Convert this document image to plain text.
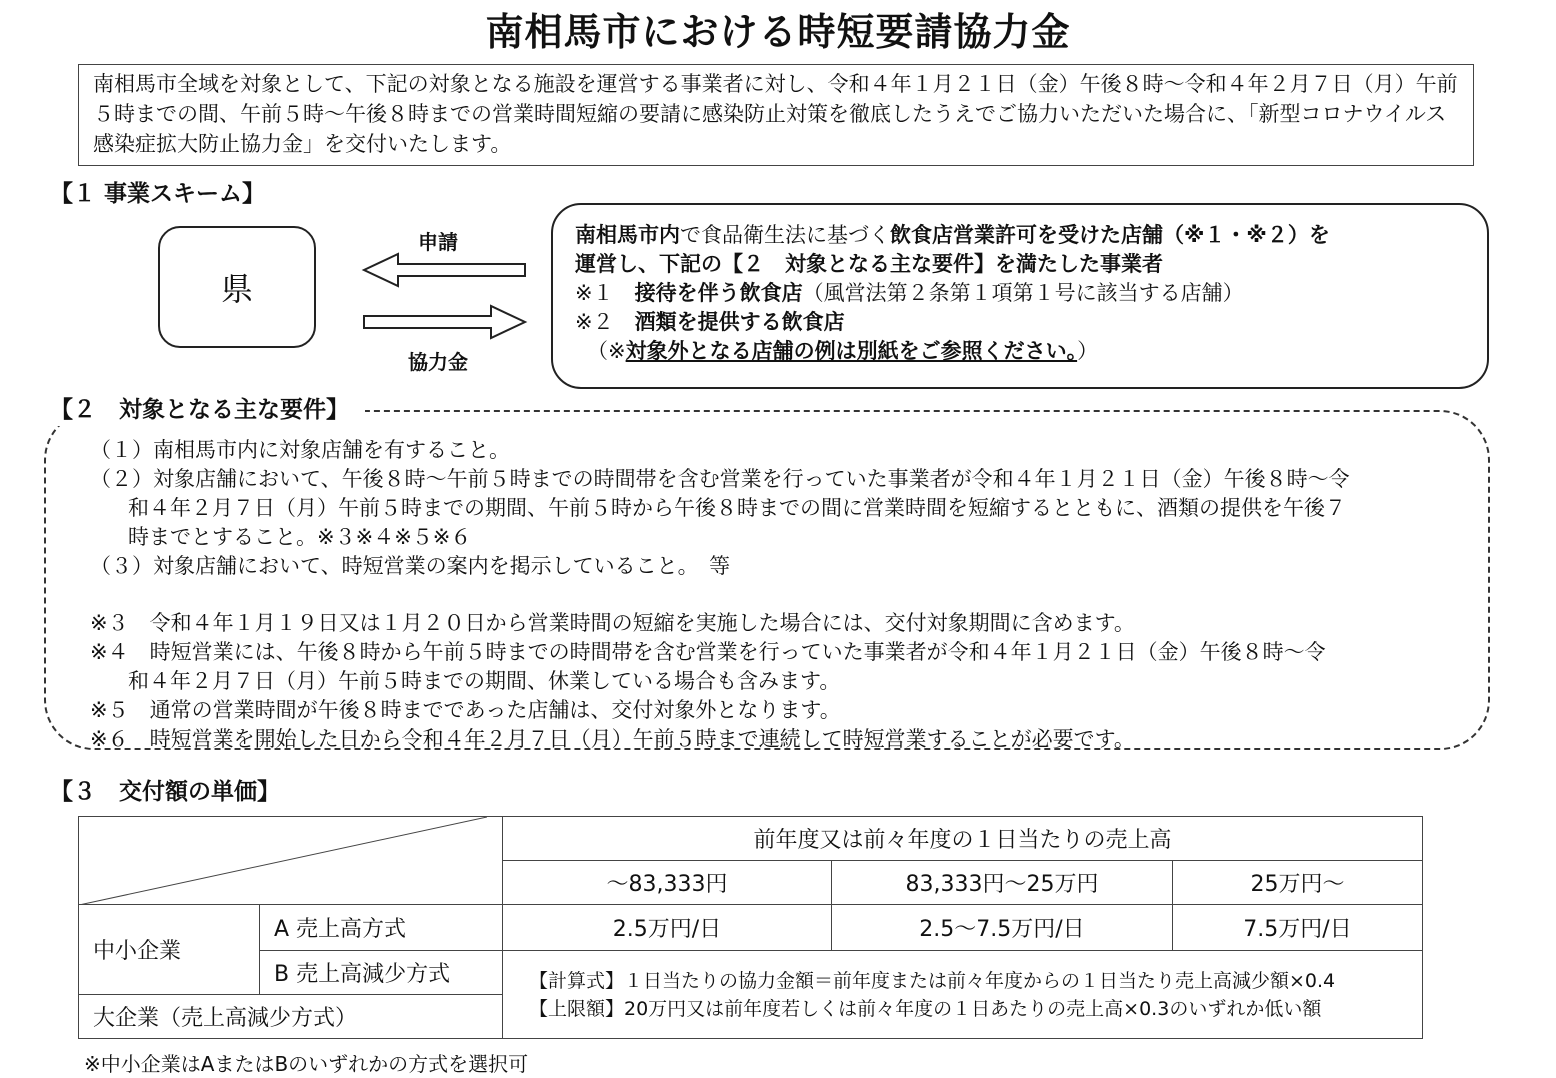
南相馬市における時短要請協力金
南相馬市全域を対象として、下記の対象となる施設を運営する事業者に対し、令和４年１月２１日（金）午後８時～令和４年２月７日（月）午前５時までの間、午前５時～午後８時までの営業時間短縮の要請に感染防止対策を徹底したうえでご協力いただいた場合に、「新型コロナウイルス感染症拡大防止協力金」を交付いたします。
【１ 事業スキーム】
県
申請
協力金
南相馬市内で食品衛生法に基づく飲食店営業許可を受けた店舗（※１・※２）を
運営し、下記の【２　対象となる主な要件】を満たした事業者
※１　接待を伴う飲食店（風営法第２条第１項第１号に該当する店舗）
※２　酒類を提供する飲食店
（※対象外となる店舗の例は別紙をご参照ください。）
【２　対象となる主な要件】
（１）南相馬市内に対象店舗を有すること。
（２）対象店舗において、午後８時～午前５時までの時間帯を含む営業を行っていた事業者が令和４年１月２１日（金）午後８時～令
和４年２月７日（月）午前５時までの期間、午前５時から午後８時までの間に営業時間を短縮するとともに、酒類の提供を午後７
時までとすること。※３※４※５※６
（３）対象店舗において、時短営業の案内を掲示していること。　等
※３　令和４年１月１９日又は１月２０日から営業時間の短縮を実施した場合には、交付対象期間に含めます。
※４　時短営業には、午後８時から午前５時までの時間帯を含む営業を行っていた事業者が令和４年１月２１日（金）午後８時～令
和４年２月７日（月）午前５時までの期間、休業している場合も含みます。
※５　通常の営業時間が午後８時までであった店舗は、交付対象外となります。
※６　時短営業を開始した日から令和４年２月７日（月）午前５時まで連続して時短営業することが必要です。
【３　交付額の単価】
	前年度又は前々年度の１日当たりの売上高		
		～83,333円	83,333円～25万円	25万円～
中小企業	A 売上高方式	2.5万円/日	2.5～7.5万円/日	7.5万円/日
	B 売上高減少方式	【計算式】１日当たりの協力金額＝前年度または前々年度からの１日当たり売上高減少額×0.4
【上限額】20万円又は前年度若しくは前々年度の１日あたりの売上高×0.3のいずれか低い額		

大企業（売上高減少方式）				
※中小企業はAまたはBのいずれかの方式を選択可
